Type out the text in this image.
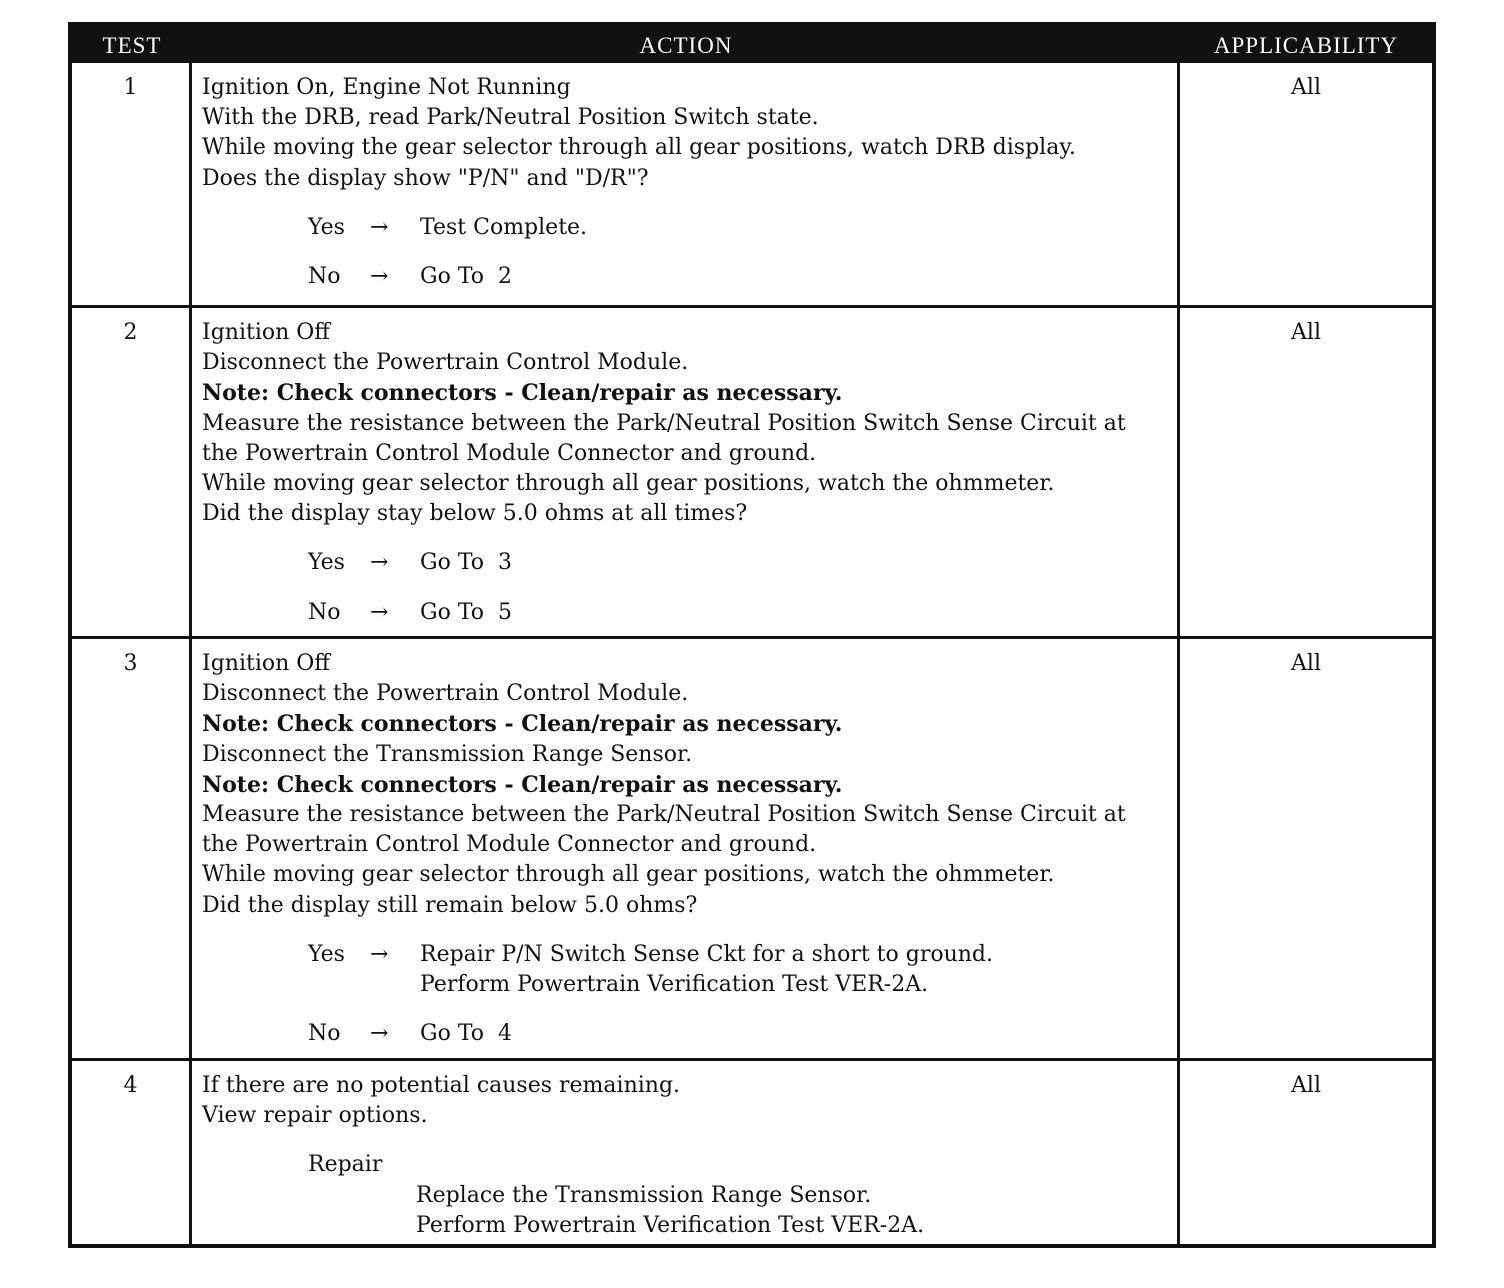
TEST	ACTION	APPLICABILITY
1	Ignition On, Engine Not Running
With the DRB, read Park/Neutral Position Switch state.
While moving the gear selector through all gear positions, watch DRB display.
Does the display show "P/N" and "D/R"?
Yes	→	Test Complete.
No	→	Go To 2
All
2	Ignition Off
Disconnect the Powertrain Control Module.
Note: Check connectors - Clean/repair as necessary.
Measure the resistance between the Park/Neutral Position Switch Sense Circuit at
the Powertrain Control Module Connector and ground.
While moving gear selector through all gear positions, watch the ohmmeter.
Did the display stay below 5.0 ohms at all times?
Yes	→	Go To 3
No	→	Go To 5
All
3	Ignition Off
Disconnect the Powertrain Control Module.
Note: Check connectors - Clean/repair as necessary.
Disconnect the Transmission Range Sensor.
Note: Check connectors - Clean/repair as necessary.
Measure the resistance between the Park/Neutral Position Switch Sense Circuit at
the Powertrain Control Module Connector and ground.
While moving gear selector through all gear positions, watch the ohmmeter.
Did the display still remain below 5.0 ohms?
Yes	→	Repair P/N Switch Sense Ckt for a short to ground.
Perform Powertrain Verification Test VER-2A.
No	→	Go To 4
All
4	If there are no potential causes remaining.
View repair options.
Repair
Replace the Transmission Range Sensor.
Perform Powertrain Verification Test VER-2A.
All
